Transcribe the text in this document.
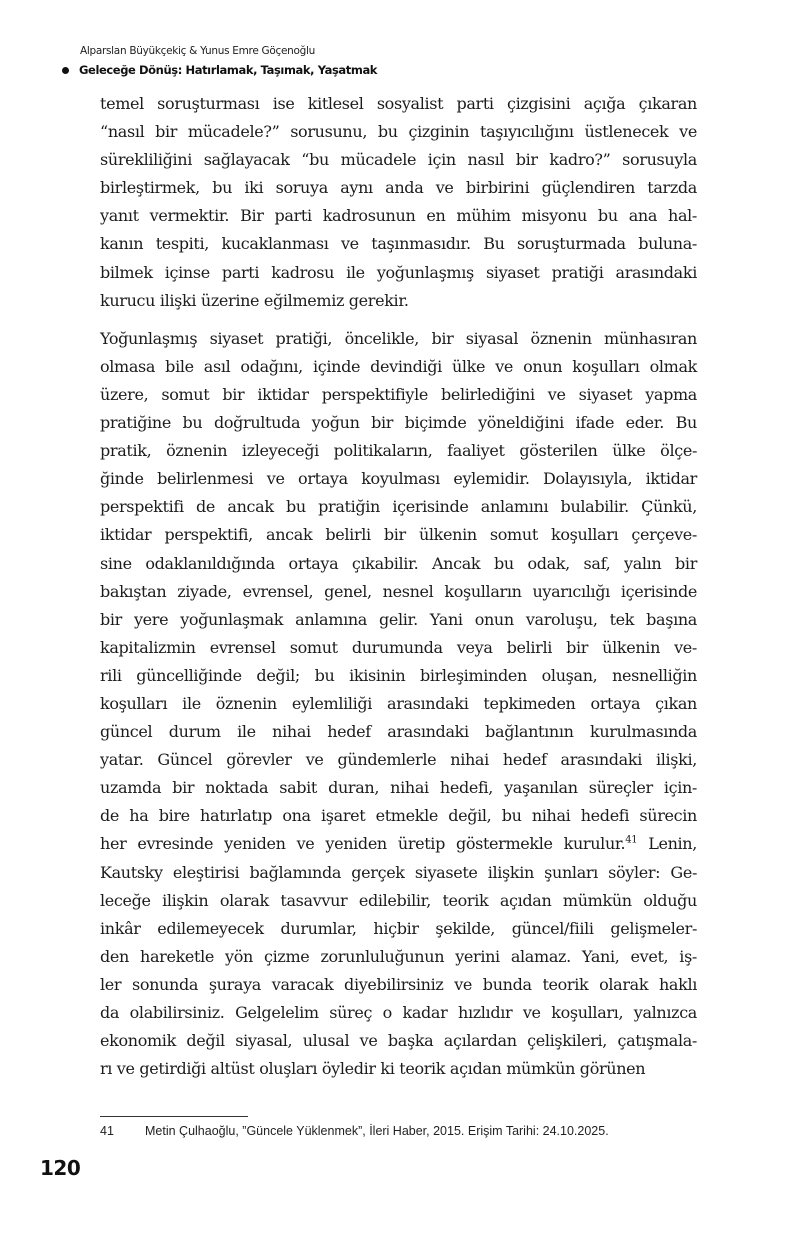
Alparslan Büyükçekiç & Yunus Emre Göçenoğlu
Geleceğe Dönüş: Hatırlamak, Taşımak, Yaşatmak

temel soruşturması ise kitlesel sosyalist parti çizgisini açığa çıkaran
“nasıl bir mücadele?” sorusunu, bu çizginin taşıyıcılığını üstlenecek ve
sürekliliğini sağlayacak “bu mücadele için nasıl bir kadro?” sorusuyla
birleştirmek, bu iki soruya aynı anda ve birbirini güçlendiren tarzda
yanıt vermektir. Bir parti kadrosunun en mühim misyonu bu ana hal-
kanın tespiti, kucaklanması ve taşınmasıdır. Bu soruşturmada buluna-
bilmek içinse parti kadrosu ile yoğunlaşmış siyaset pratiği arasındaki
kurucu ilişki üzerine eğilmemiz gerekir.

Yoğunlaşmış siyaset pratiği, öncelikle, bir siyasal öznenin münhasıran
olmasa bile asıl odağını, içinde devindiği ülke ve onun koşulları olmak
üzere, somut bir iktidar perspektifiyle belirlediğini ve siyaset yapma
pratiğine bu doğrultuda yoğun bir biçimde yöneldiğini ifade eder. Bu
pratik, öznenin izleyeceği politikaların, faaliyet gösterilen ülke ölçe-
ğinde belirlenmesi ve ortaya koyulması eylemidir. Dolayısıyla, iktidar
perspektifi de ancak bu pratiğin içerisinde anlamını bulabilir. Çünkü,
iktidar perspektifi, ancak belirli bir ülkenin somut koşulları çerçeve-
sine odaklanıldığında ortaya çıkabilir. Ancak bu odak, saf, yalın bir
bakıştan ziyade, evrensel, genel, nesnel koşulların uyarıcılığı içerisinde
bir yere yoğunlaşmak anlamına gelir. Yani onun varoluşu, tek başına
kapitalizmin evrensel somut durumunda veya belirli bir ülkenin ve-
rili güncelliğinde değil; bu ikisinin birleşiminden oluşan, nesnelliğin
koşulları ile öznenin eylemliliği arasındaki tepkimeden ortaya çıkan
güncel durum ile nihai hedef arasındaki bağlantının kurulmasında
yatar. Güncel görevler ve gündemlerle nihai hedef arasındaki ilişki,
uzamda bir noktada sabit duran, nihai hedefi, yaşanılan süreçler için-
de ha bire hatırlatıp ona işaret etmekle değil, bu nihai hedefi sürecin
her evresinde yeniden ve yeniden üretip göstermekle kurulur.$^{41}$ Lenin,
Kautsky eleştirisi bağlamında gerçek siyasete ilişkin şunları söyler: Ge-
leceğe ilişkin olarak tasavvur edilebilir, teorik açıdan mümkün olduğu
inkâr edilemeyecek durumlar, hiçbir şekilde, güncel/fiili gelişmeler-
den hareketle yön çizme zorunluluğunun yerini alamaz. Yani, evet, iş-
ler sonunda şuraya varacak diyebilirsiniz ve bunda teorik olarak haklı
da olabilirsiniz. Gelgelelim süreç o kadar hızlıdır ve koşulları, yalnızca
ekonomik değil siyasal, ulusal ve başka açılardan çelişkileri, çatışmala-
rı ve getirdiği altüst oluşları öyledir ki teorik açıdan mümkün görünen

41 Metin Çulhaoğlu, ”Güncele Yüklenmek”, İleri Haber, 2015. Erişim Tarihi: 24.10.2025.
120
